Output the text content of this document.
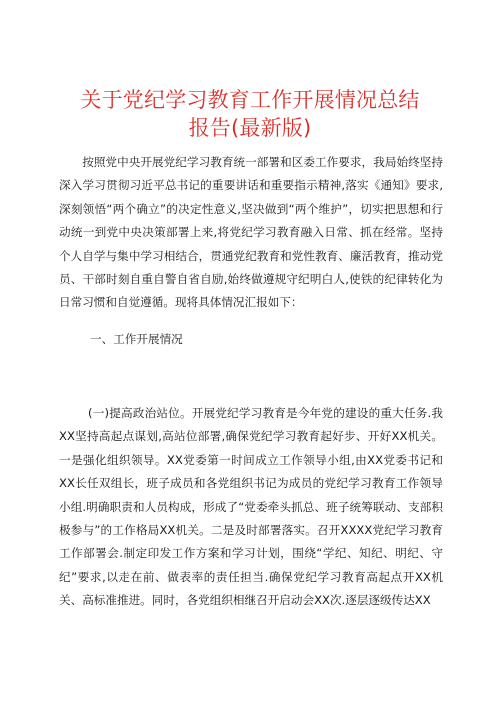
关于党纪学习教育工作开展情况总结
报告(最新版)
按照党中央开展党纪学习教育统一部署和区委工作要求，我局始终坚持深入学习贯彻习近平总书记的重要讲话和重要指示精神,落实《通知》要求,深刻领悟“两个确立”的决定性意义,坚决做到“两个维护”，切实把思想和行动统一到党中央决策部署上来,将党纪学习教育融入日常、抓在经常。坚持个人自学与集中学习相结合，贯通党纪教育和党性教育、廉活教育，推动党员、干部时刻自重自警自省自励,始终做遵规守纪明白人,使铁的纪律转化为日常习惯和自觉遵循。现将具体情况汇报如下：
一、工作开展情况
(一)提高政治站位。开展党纪学习教育是今年党的建设的重大任务.我XX坚持高起点谋划,高站位部署,确保党纪学习教育起好步、开好XX机关。一是强化组织领导。XX党委第一时间成立工作领导小组,由XX党委书记和XX长任双组长，班子成员和各党组织书记为成员的党纪学习教育工作领导小组.明确职责和人员构成，形成了“党委牵头抓总、班子统筹联动、支部积极参与”的工作格局XX机关。二是及时部署落实。召开XXXX党纪学习教育工作部署会.制定印发工作方案和学习计划，围绕“学纪、知纪、明纪、守纪”要求,以走在前、做表率的责任担当.确保党纪学习教育高起点开XX机关、高标准推进。同时，各党组织相继召开启动会XX次.逐层逐级传达XX
